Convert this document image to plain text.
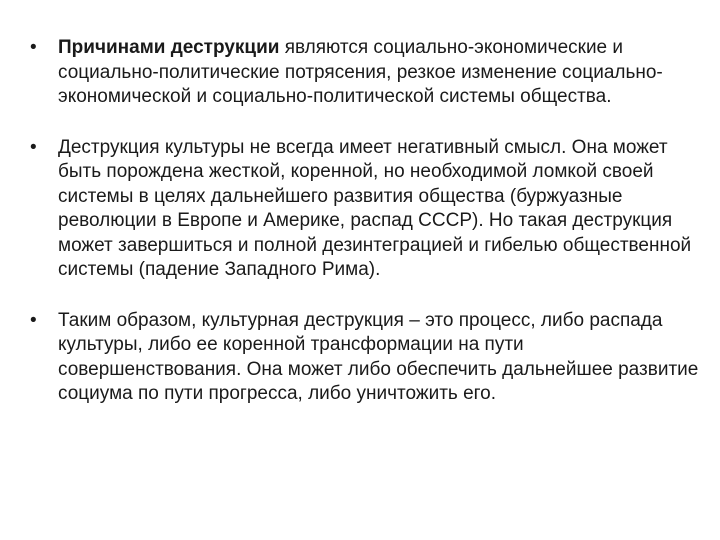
•	Причинами деструкции являются социально-экономические и социально-политические потрясения, резкое изменение социально-экономической и социально-политической системы общества.
•	Деструкция культуры не всегда имеет негативный смысл. Она может быть порождена жесткой, коренной, но необходимой ломкой своей системы в целях дальнейшего развития общества (буржуазные революции в Европе и Америке, распад СССР). Но такая деструкция может завершиться и полной дезинтеграцией и гибелью общественной системы (падение Западного Рима).
•	Таким образом, культурная деструкция – это процесс, либо распада культуры, либо ее коренной трансформации на пути совершенствования. Она может либо обеспечить дальнейшее развитие социума по пути прогресса, либо уничтожить его.
